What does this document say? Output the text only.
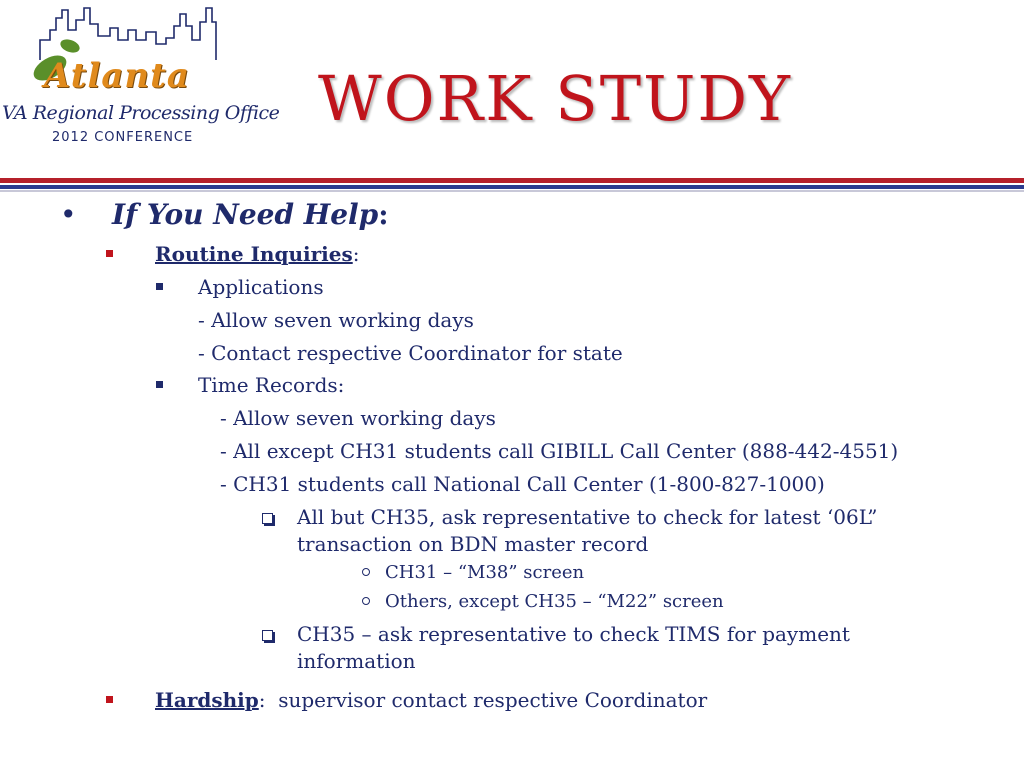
Atlanta
VA Regional Processing Office
2012 CONFERENCE
WORK STUDY
• If You Need Help:
Routine Inquiries:
Applications
- Allow seven working days
- Contact respective Coordinator for state
Time Records:
- Allow seven working days
- All except CH31 students call GIBILL Call Center (888-442-4551)
- CH31 students call National Call Center (1-800-827-1000)
All but CH35, ask representative to check for latest ‘06L”
transaction on BDN master record
CH31 – “M38” screen
Others, except CH35 – “M22” screen
CH35 – ask representative to check TIMS for payment
information
Hardship:  supervisor contact respective Coordinator
